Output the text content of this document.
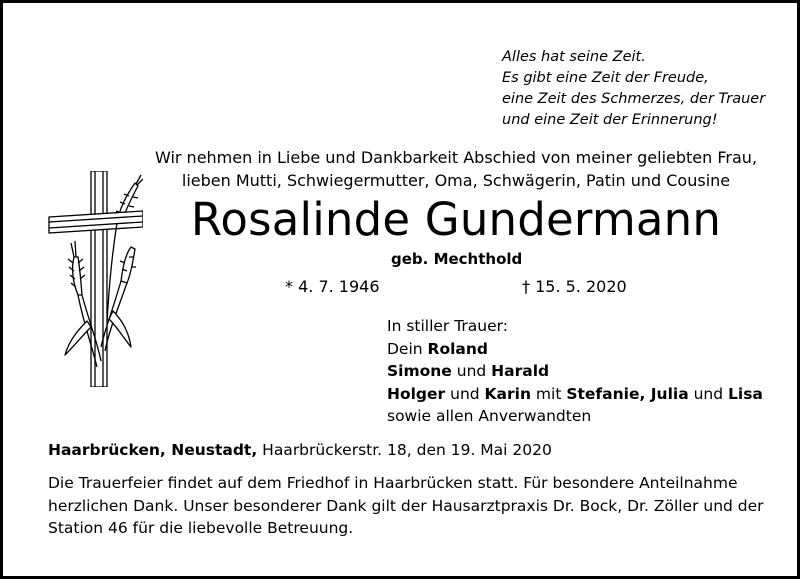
Alles hat seine Zeit.
Es gibt eine Zeit der Freude,
eine Zeit des Schmerzes, der Trauer
und eine Zeit der Erinnerung!
Wir nehmen in Liebe und Dankbarkeit Abschied von meiner geliebten Frau,
lieben Mutti, Schwiegermutter, Oma, Schwägerin, Patin und Cousine
Rosalinde Gundermann
geb. Mechthold
* 4. 7. 1946	† 15. 5. 2020
In stiller Trauer:
Dein Roland
Simone und Harald
Holger und Karin mit Stefanie, Julia und Lisa
sowie allen Anverwandten
Haarbrücken, Neustadt, Haarbrückerstr. 18, den 19. Mai 2020
Die Trauerfeier findet auf dem Friedhof in Haarbrücken statt. Für besondere Anteilnahme herzlichen Dank. Unser besonderer Dank gilt der Hausarztpraxis Dr. Bock, Dr. Zöller und der Station 46 für die liebevolle Betreuung.
